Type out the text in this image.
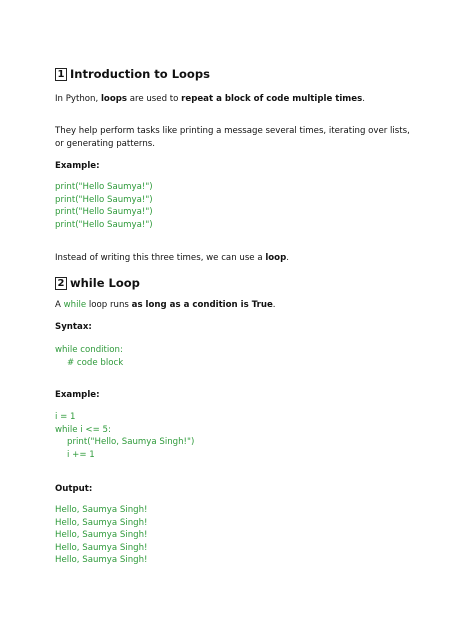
1 Introduction to Loops
In Python, loops are used to repeat a block of code multiple times.
They help perform tasks like printing a message several times, iterating over lists,
or generating patterns.
Example:
print("Hello Saumya!")
print("Hello Saumya!")
print("Hello Saumya!")
print("Hello Saumya!")
Instead of writing this three times, we can use a loop.
2 while Loop
A while loop runs as long as a condition is True.
Syntax:
while condition:
# code block
Example:
i = 1
while i <= 5:
print("Hello, Saumya Singh!")
i += 1
Output:
Hello, Saumya Singh!
Hello, Saumya Singh!
Hello, Saumya Singh!
Hello, Saumya Singh!
Hello, Saumya Singh!
